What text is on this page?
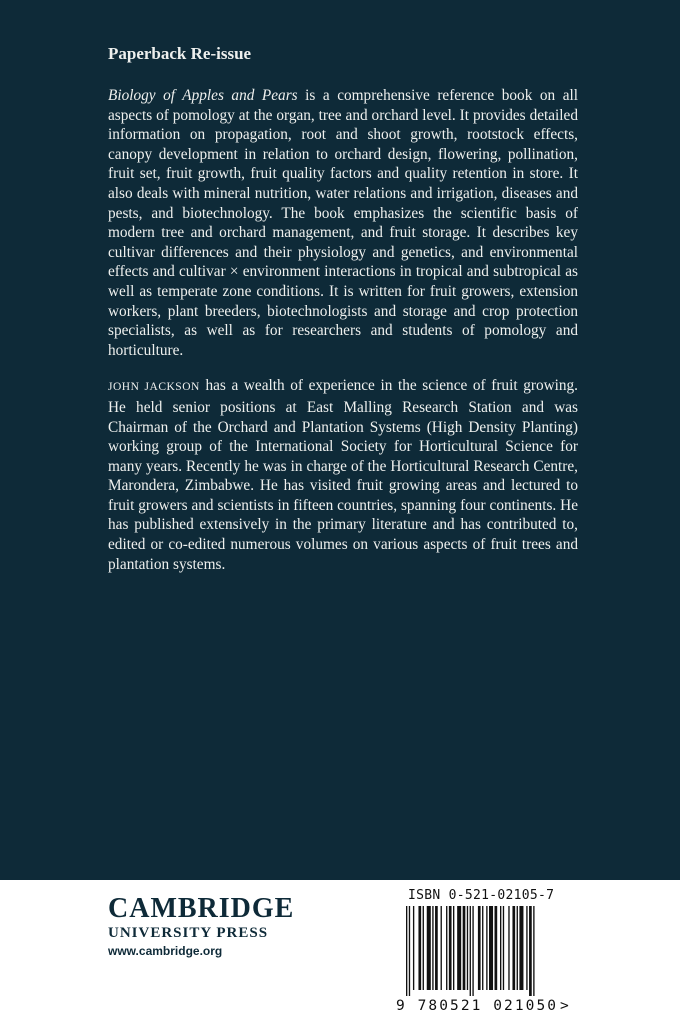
Paperback Re-issue

Biology of Apples and Pears is a comprehensive reference book on all aspects of pomology at the organ, tree and orchard level. It provides detailed information on propagation, root and shoot growth, rootstock effects, canopy development in relation to orchard design, flowering, pollination, fruit set, fruit growth, fruit quality factors and quality retention in store. It also deals with mineral nutrition, water relations and irrigation, diseases and pests, and biotechnology. The book emphasizes the scientific basis of modern tree and orchard management, and fruit storage. It describes key cultivar differences and their physiology and genetics, and environmental effects and cultivar × environment interactions in tropical and subtropical as well as temperate zone conditions. It is written for fruit growers, extension workers, plant breeders, biotechnologists and storage and crop protection specialists, as well as for researchers and students of pomology and horticulture.

JOHN JACKSON has a wealth of experience in the science of fruit growing. He held senior positions at East Malling Research Station and was Chairman of the Orchard and Plantation Systems (High Density Planting) working group of the International Society for Horticultural Science for many years. Recently he was in charge of the Horticultural Research Centre, Marondera, Zimbabwe. He has visited fruit growing areas and lectured to fruit growers and scientists in fifteen countries, spanning four continents. He has published extensively in the primary literature and has contributed to, edited or co-edited numerous volumes on various aspects of fruit trees and plantation systems.

CAMBRIDGE
UNIVERSITY PRESS
www.cambridge.org
ISBN 0-521-02105-7
9 780521 021050 >
